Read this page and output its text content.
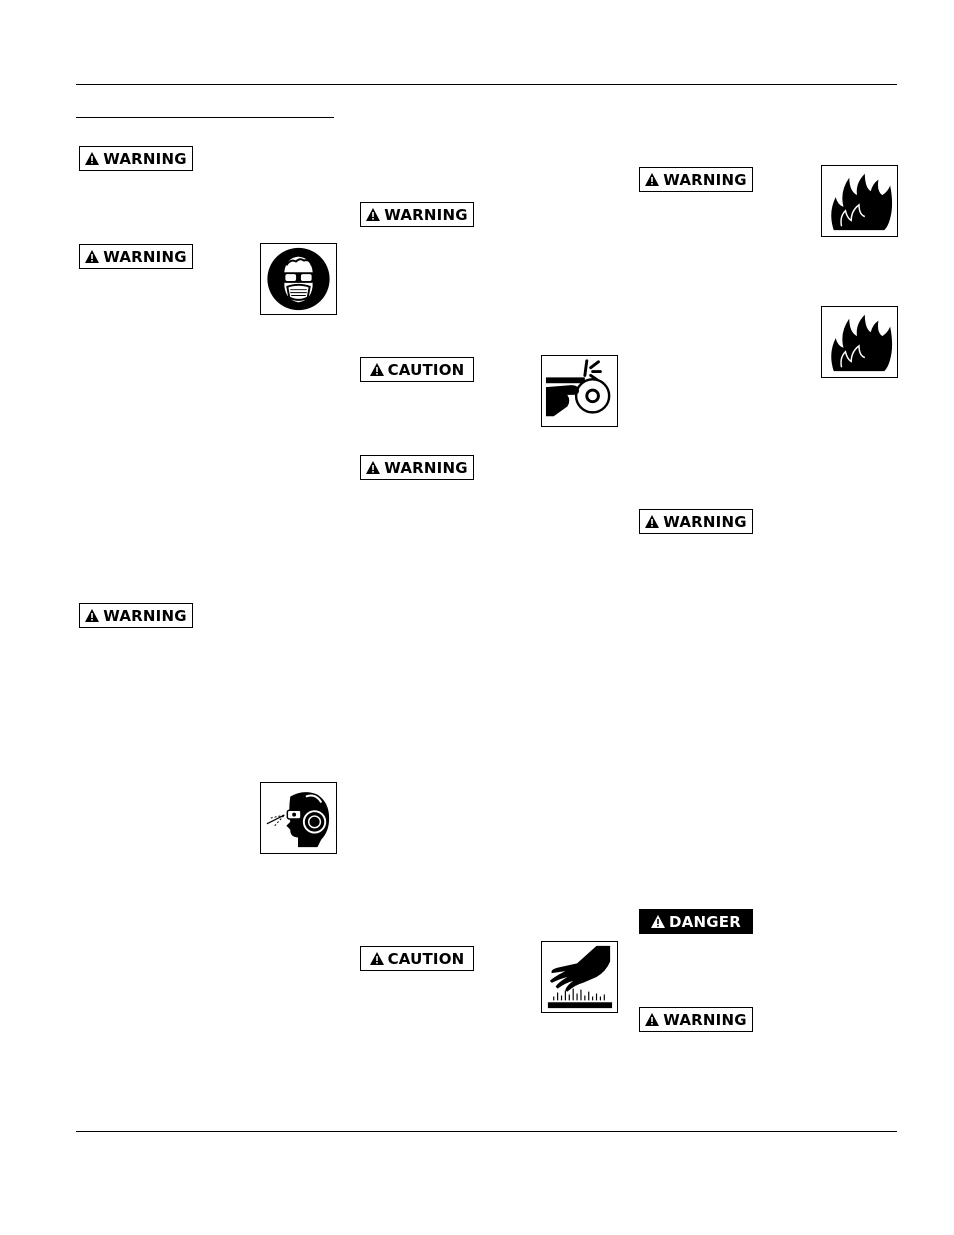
WARNING
WARNING
WARNING
WARNING
CAUTION
WARNING
CAUTION
WARNING
WARNING
DANGER
WARNING
